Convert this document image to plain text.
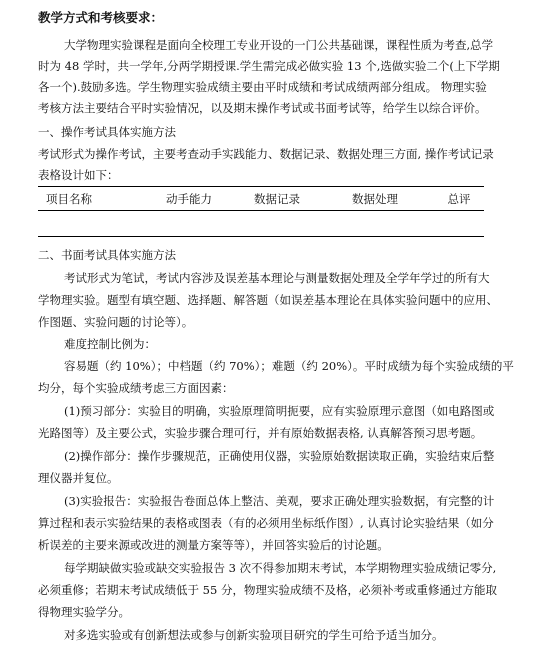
教学方式和考核要求：
大学物理实验课程是面向全校理工专业开设的一门公共基础课，课程性质为考查,总学
时为 48 学时，共一学年,分两学期授课.学生需完成必做实验 13 个,选做实验二个(上下学期
各一个).鼓励多选。学生物理实验成绩主要由平时成绩和考试成绩两部分组成。 物理实验
考核方法主要结合平时实验情况，以及期末操作考试或书面考试等，给学生以综合评价。
一、操作考试具体实施方法
考试形式为操作考试，主要考查动手实践能力、数据记录、数据处理三方面, 操作考试记录
表格设计如下：
项目名称	动手能力	数据记录	数据处理	总评

二、书面考试具体实施方法
考试形式为笔试，考试内容涉及误差基本理论与测量数据处理及全学年学过的所有大
学物理实验。题型有填空题、选择题、解答题（如误差基本理论在具体实验问题中的应用、
作图题、实验问题的讨论等）。
难度控制比例为：
容易题（约 10%）；中档题（约 70%）；难题（约 20%）。平时成绩为每个实验成绩的平
均分，每个实验成绩考虑三方面因素：
(1)预习部分：实验目的明确，实验原理简明扼要，应有实验原理示意图（如电路图或
光路图等）及主要公式，实验步骤合理可行，并有原始数据表格, 认真解答预习思考题。
(2)操作部分：操作步骤规范，正确使用仪器，实验原始数据读取正确，实验结束后整
理仪器并复位。
(3)实验报告：实验报告卷面总体上整洁、美观，要求正确处理实验数据，有完整的计
算过程和表示实验结果的表格或图表（有的必须用坐标纸作图）, 认真讨论实验结果（如分
析误差的主要来源或改进的测量方案等等），并回答实验后的讨论题。
每学期缺做实验或缺交实验报告 3 次不得参加期末考试，本学期物理实验成绩记零分,
必须重修；若期末考试成绩低于 55 分，物理实验成绩不及格，必须补考或重修通过方能取
得物理实验学分。
对多选实验或有创新想法或参与创新实验项目研究的学生可给予适当加分。
